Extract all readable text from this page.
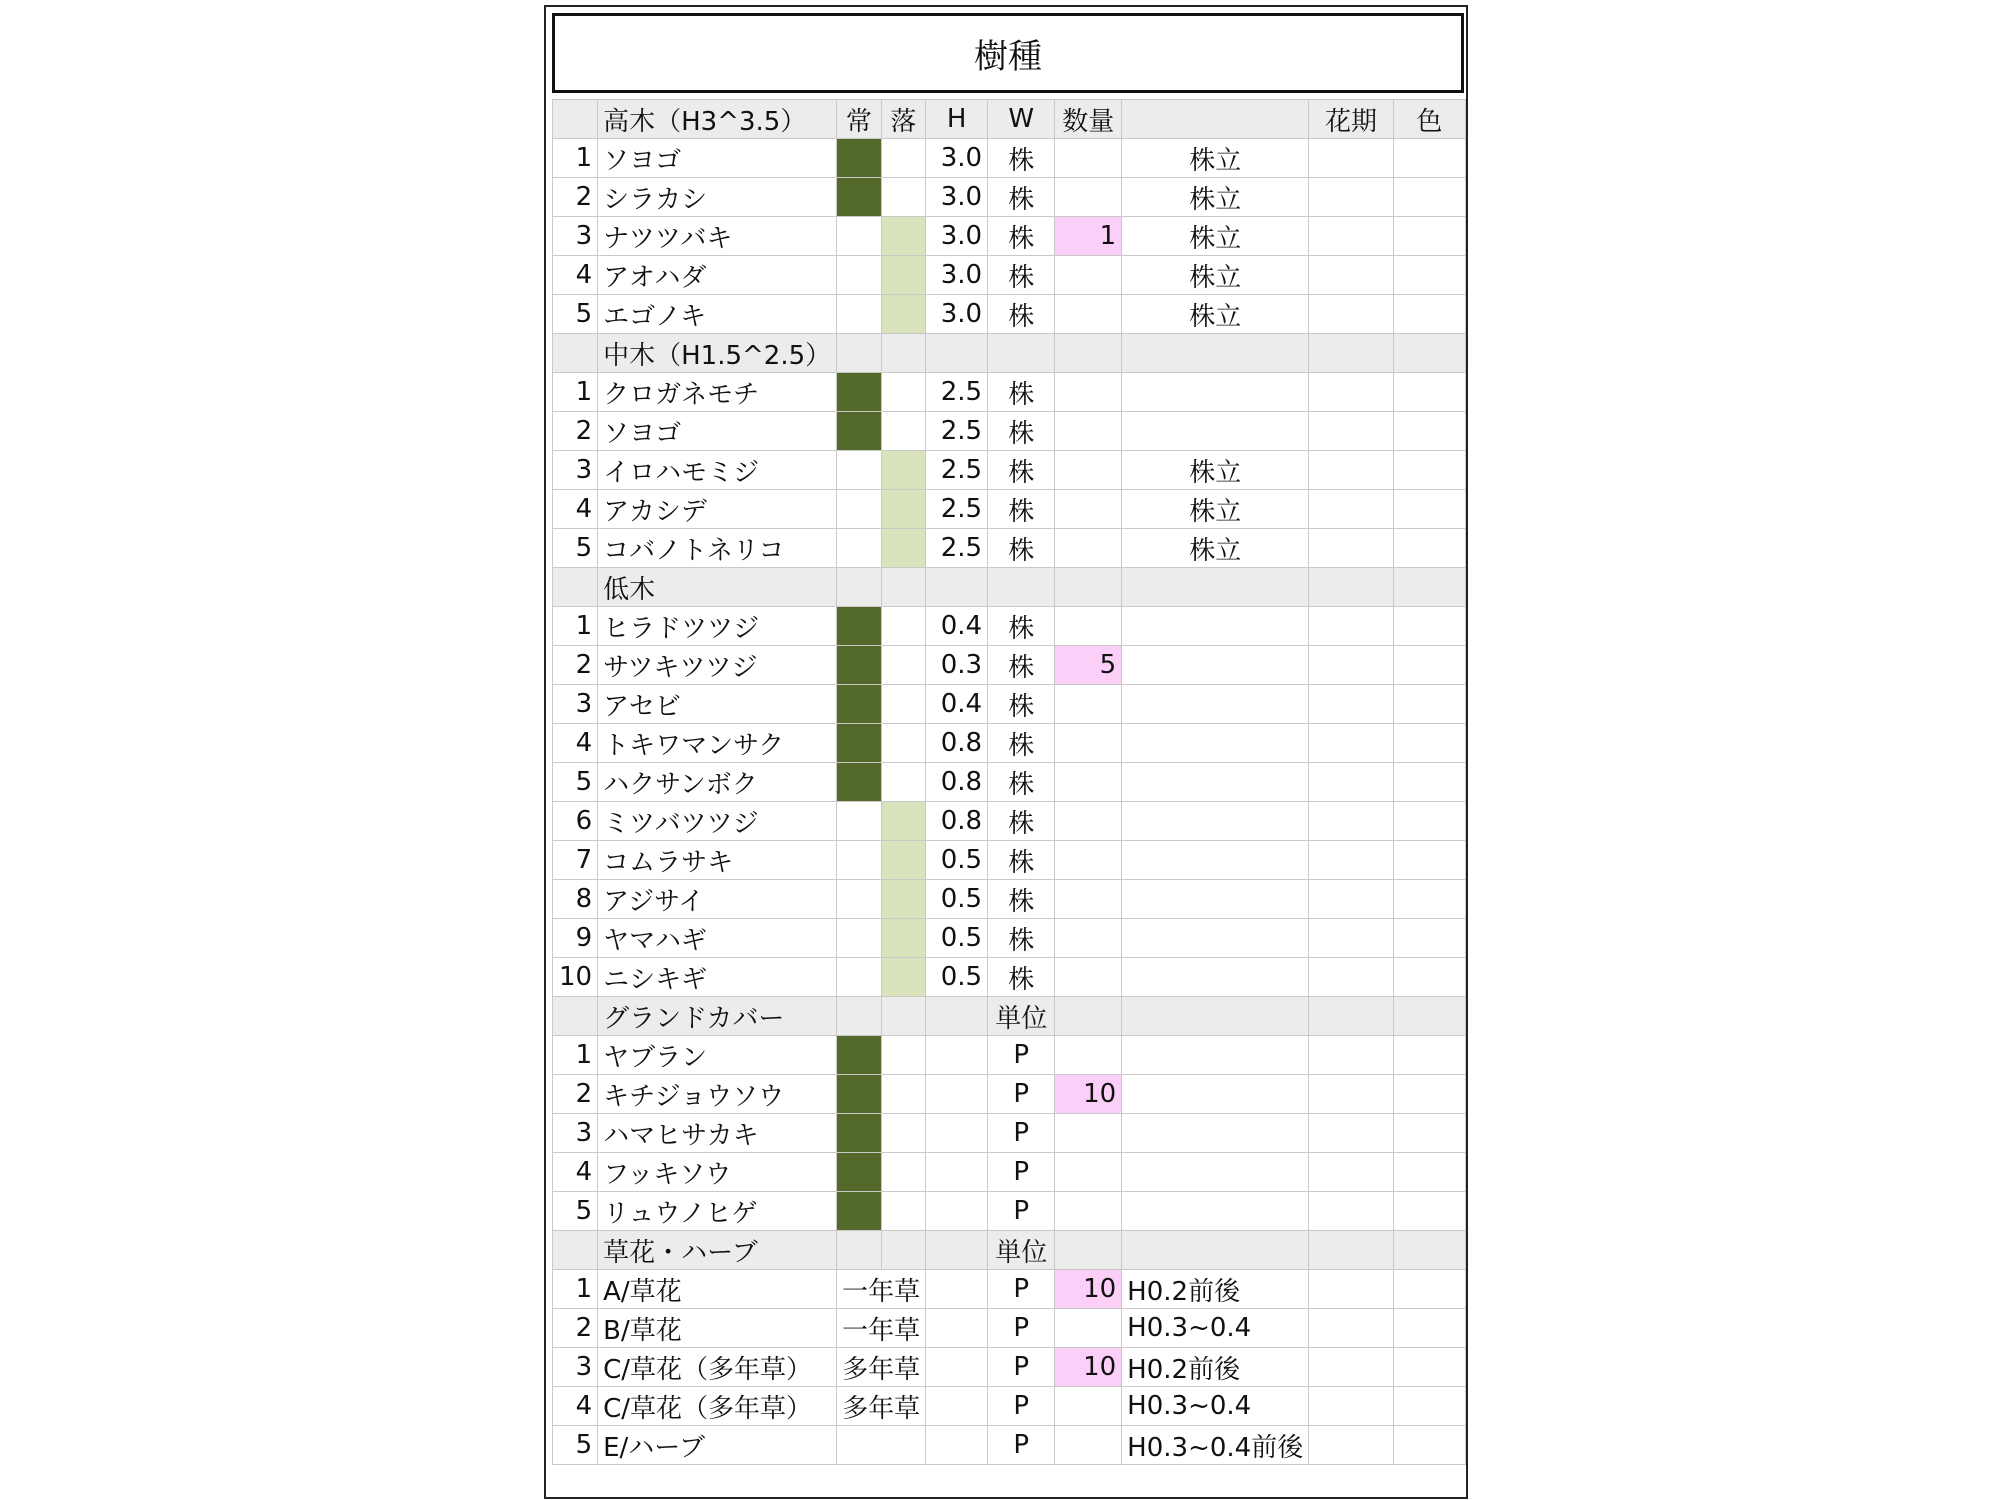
樹種
	高木（H3^3.5）	常	落	H	W	数量		花期	色
1	ソヨゴ			3.0	株		株立		
2	シラカシ			3.0	株		株立		
3	ナツツバキ			3.0	株	1	株立		
4	アオハダ			3.0	株		株立		
5	エゴノキ			3.0	株		株立		
	中木（H1.5^2.5）								
1	クロガネモチ			2.5	株				
2	ソヨゴ			2.5	株				
3	イロハモミジ			2.5	株		株立		
4	アカシデ			2.5	株		株立		
5	コバノトネリコ			2.5	株		株立		
	低木								
1	ヒラドツツジ			0.4	株				
2	サツキツツジ			0.3	株	5			
3	アセビ			0.4	株				
4	トキワマンサク			0.8	株				
5	ハクサンボク			0.8	株				
6	ミツバツツジ			0.8	株				
7	コムラサキ			0.5	株				
8	アジサイ			0.5	株				
9	ヤマハギ			0.5	株				
10	ニシキギ			0.5	株				
	グランドカバー				単位				
1	ヤブラン				P				
2	キチジョウソウ				P	10			
3	ハマヒサカキ				P				
4	フッキソウ				P				
5	リュウノヒゲ				P				
	草花・ハーブ				単位				
1	A/草花	一年草			P	10	H0.2前後		
2	B/草花	一年草			P		H0.3~0.4		
3	C/草花（多年草）	多年草			P	10	H0.2前後		
4	C/草花（多年草）	多年草			P		H0.3~0.4		
5	E/ハーブ				P		H0.3~0.4前後		
